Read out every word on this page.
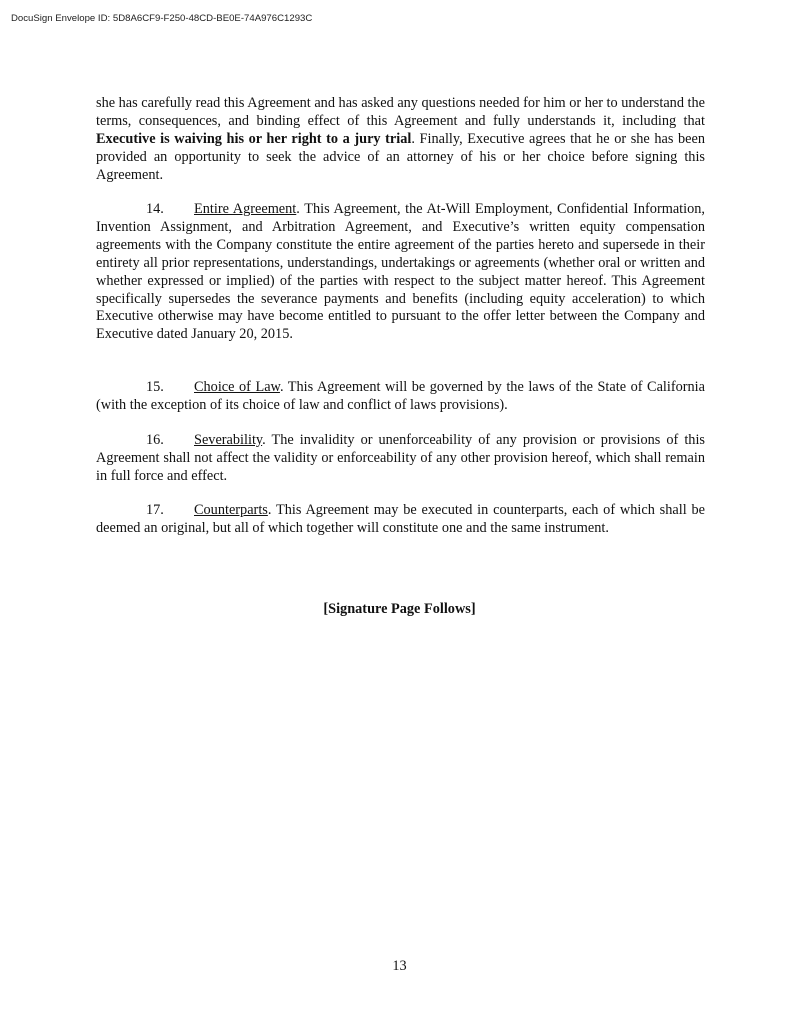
DocuSign Envelope ID: 5D8A6CF9-F250-48CD-BE0E-74A976C1293C

she has carefully read this Agreement and has asked any questions needed for him or her to understand the terms, consequences, and binding effect of this Agreement and fully understands it, including that Executive is waiving his or her right to a jury trial. Finally, Executive agrees that he or she has been provided an opportunity to seek the advice of an attorney of his or her choice before signing this Agreement.

14. Entire Agreement. This Agreement, the At-Will Employment, Confidential Information, Invention Assignment, and Arbitration Agreement, and Executive’s written equity compensation agreements with the Company constitute the entire agreement of the parties hereto and supersede in their entirety all prior representations, understandings, undertakings or agreements (whether oral or written and whether expressed or implied) of the parties with respect to the subject matter hereof. This Agreement specifically supersedes the severance payments and benefits (including equity acceleration) to which Executive otherwise may have become entitled to pursuant to the offer letter between the Company and Executive dated January 20, 2015.

15. Choice of Law. This Agreement will be governed by the laws of the State of California (with the exception of its choice of law and conflict of laws provisions).

16. Severability. The invalidity or unenforceability of any provision or provisions of this Agreement shall not affect the validity or enforceability of any other provision hereof, which shall remain in full force and effect.

17. Counterparts. This Agreement may be executed in counterparts, each of which shall be deemed an original, but all of which together will constitute one and the same instrument.

[Signature Page Follows]
13
